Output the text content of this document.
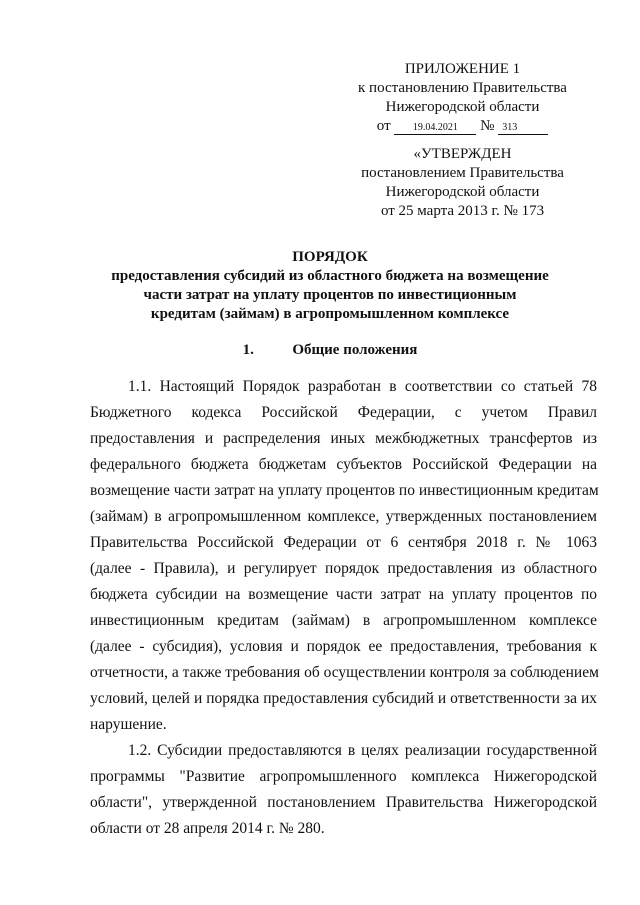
ПРИЛОЖЕНИЕ 1
к постановлению Правительства
Нижегородской области
от 19.04.2021 № 313
«УТВЕРЖДЕН
постановлением Правительства
Нижегородской области
от 25 марта 2013 г. № 173
ПОРЯДОК
предоставления субсидий из областного бюджета на возмещение
части затрат на уплату процентов по инвестиционным
кредитам (займам) в агропромышленном комплексе
1.	Общие положения
1.1. Настоящий Порядок разработан в соответствии со статьей 78
Бюджетного кодекса Российской Федерации, с учетом Правил
предоставления и распределения иных межбюджетных трансфертов из
федерального бюджета бюджетам субъектов Российской Федерации на
возмещение части затрат на уплату процентов по инвестиционным кредитам
(займам) в агропромышленном комплексе, утвержденных постановлением
Правительства Российской Федерации от 6 сентября 2018 г. № 1063
(далее - Правила), и регулирует порядок предоставления из областного
бюджета субсидии на возмещение части затрат на уплату процентов по
инвестиционным кредитам (займам) в агропромышленном комплексе
(далее - субсидия), условия и порядок ее предоставления, требования к
отчетности, а также требования об осуществлении контроля за соблюдением
условий, целей и порядка предоставления субсидий и ответственности за их
нарушение.
1.2. Субсидии предоставляются в целях реализации государственной
программы "Развитие агропромышленного комплекса Нижегородской
области", утвержденной постановлением Правительства Нижегородской
области от 28 апреля 2014 г. № 280.
